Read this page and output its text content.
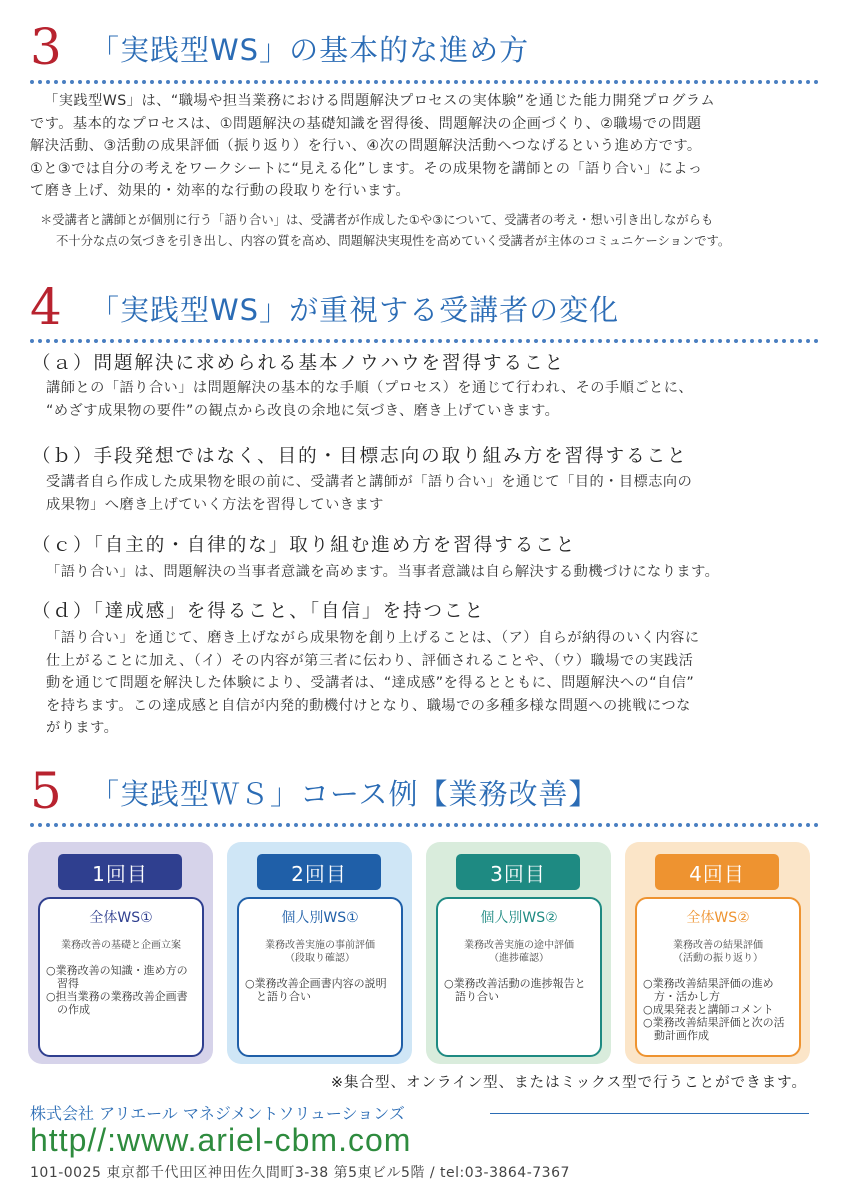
3 「実践型WS」の基本的な進め方
「実践型WS」は、“職場や担当業務における問題解決プロセスの実体験”を通じた能力開発プログラム
です。基本的なプロセスは、①問題解決の基礎知識を習得後、問題解決の企画づくり、②職場での問題
解決活動、③活動の成果評価（振り返り）を行い、④次の問題解決活動へつなげるという進め方です。
①と③では自分の考えをワークシートに“見える化”します。その成果物を講師との「語り合い」によっ
て磨き上げ、効果的・効率的な行動の段取りを行います。
＊受講者と講師とが個別に行う「語り合い」は、受講者が作成した①や③について、受講者の考え・想い引き出しながらも
不十分な点の気づきを引き出し、内容の質を高め、問題解決実現性を高めていく受講者が主体のコミュニケーションです。
4 「実践型WS」が重視する受講者の変化
（ａ）問題解決に求められる基本ノウハウを習得すること
講師との「語り合い」は問題解決の基本的な手順（プロセス）を通じて行われ、その手順ごとに、
“めざす成果物の要件”の観点から改良の余地に気づき、磨き上げていきます。
（ｂ）手段発想ではなく、目的・目標志向の取り組み方を習得すること
受講者自ら作成した成果物を眼の前に、受講者と講師が「語り合い」を通じて「目的・目標志向の
成果物」へ磨き上げていく方法を習得していきます
（ｃ）「自主的・自律的な」取り組む進め方を習得すること
「語り合い」は、問題解決の当事者意識を高めます。当事者意識は自ら解決する動機づけになります。
（ｄ）「達成感」を得ること、「自信」を持つこと
「語り合い」を通じて、磨き上げながら成果物を創り上げることは、（ア）自らが納得のいく内容に
仕上がることに加え、（イ）その内容が第三者に伝わり、評価されることや、（ウ）職場での実践活
動を通じて問題を解決した体験により、受講者は、“達成感”を得るとともに、問題解決への“自信”
を持ちます。この達成感と自信が内発的動機付けとなり、職場での多種多様な問題への挑戦につな
がります。
5 「実践型ＷＳ」コース例【業務改善】
1回目
全体WS①
業務改善の基礎と企画立案
○業務改善の知識・進め方の習得
○担当業務の業務改善企画書の作成
2回目
個人別WS①
業務改善実施の事前評価
（段取り確認）
○業務改善企画書内容の説明と語り合い
3回目
個人別WS②
業務改善実施の途中評価
（進捗確認）
○業務改善活動の進捗報告と語り合い
4回目
全体WS②
業務改善の結果評価
（活動の振り返り）
○業務改善結果評価の進め方・活かし方
○成果発表と講師コメント
○業務改善結果評価と次の活動計画作成
※集合型、オンライン型、またはミックス型で行うことができます。
株式会社 アリエール マネジメントソリューションズ
http//:www.ariel-cbm.com
101-0025 東京都千代田区神田佐久間町3-38 第5東ビル5階 / tel:03-3864-7367
